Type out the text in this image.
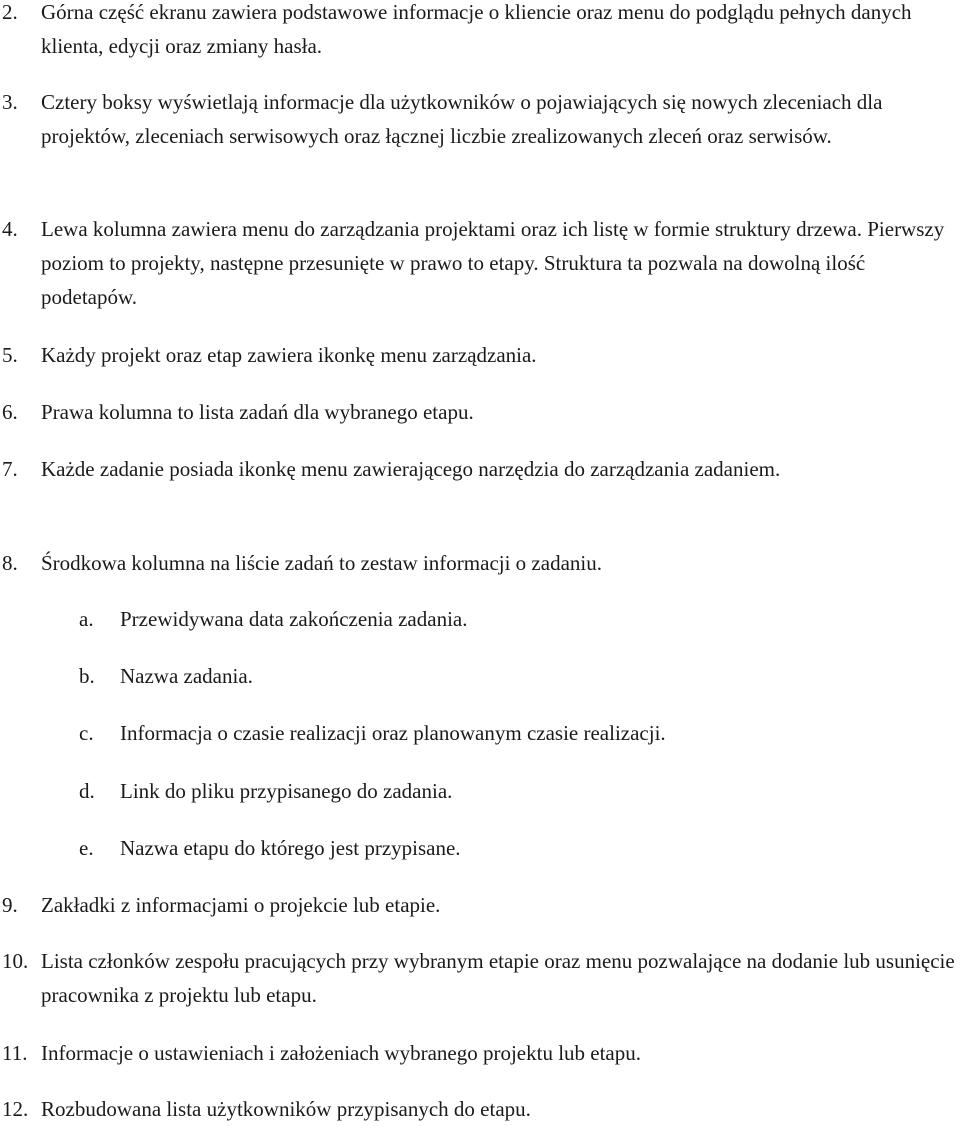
2.	Górna część ekranu zawiera podstawowe informacje o kliencie oraz menu do podglądu pełnych danych klienta, edycji oraz zmiany hasła.
3.	Cztery boksy wyświetlają informacje dla użytkowników o pojawiających się nowych zleceniach dla projektów, zleceniach serwisowych oraz łącznej liczbie zrealizowanych zleceń oraz serwisów.
4.	Lewa kolumna zawiera menu do zarządzania projektami oraz ich listę w formie struktury drzewa. Pierwszy poziom to projekty, następne przesunięte w prawo to etapy. Struktura ta pozwala na dowolną ilość podetapów.
5.	Każdy projekt oraz etap zawiera ikonkę menu zarządzania.
6.	Prawa kolumna to lista zadań dla wybranego etapu.
7.	Każde zadanie posiada ikonkę menu zawierającego narzędzia do zarządzania zadaniem.
8.	Środkowa kolumna na liście zadań to zestaw informacji o zadaniu.
a.	Przewidywana data zakończenia zadania.
b.	Nazwa zadania.
c.	Informacja o czasie realizacji oraz planowanym czasie realizacji.
d.	Link do pliku przypisanego do zadania.
e.	Nazwa etapu do którego jest przypisane.
9.	Zakładki z informacjami o projekcie lub etapie.
10. Lista członków zespołu pracujących przy wybranym etapie oraz menu pozwalające na dodanie lub usunięcie pracownika z projektu lub etapu.
11. Informacje o ustawieniach i założeniach wybranego projektu lub etapu.
12. Rozbudowana lista użytkowników przypisanych do etapu.
